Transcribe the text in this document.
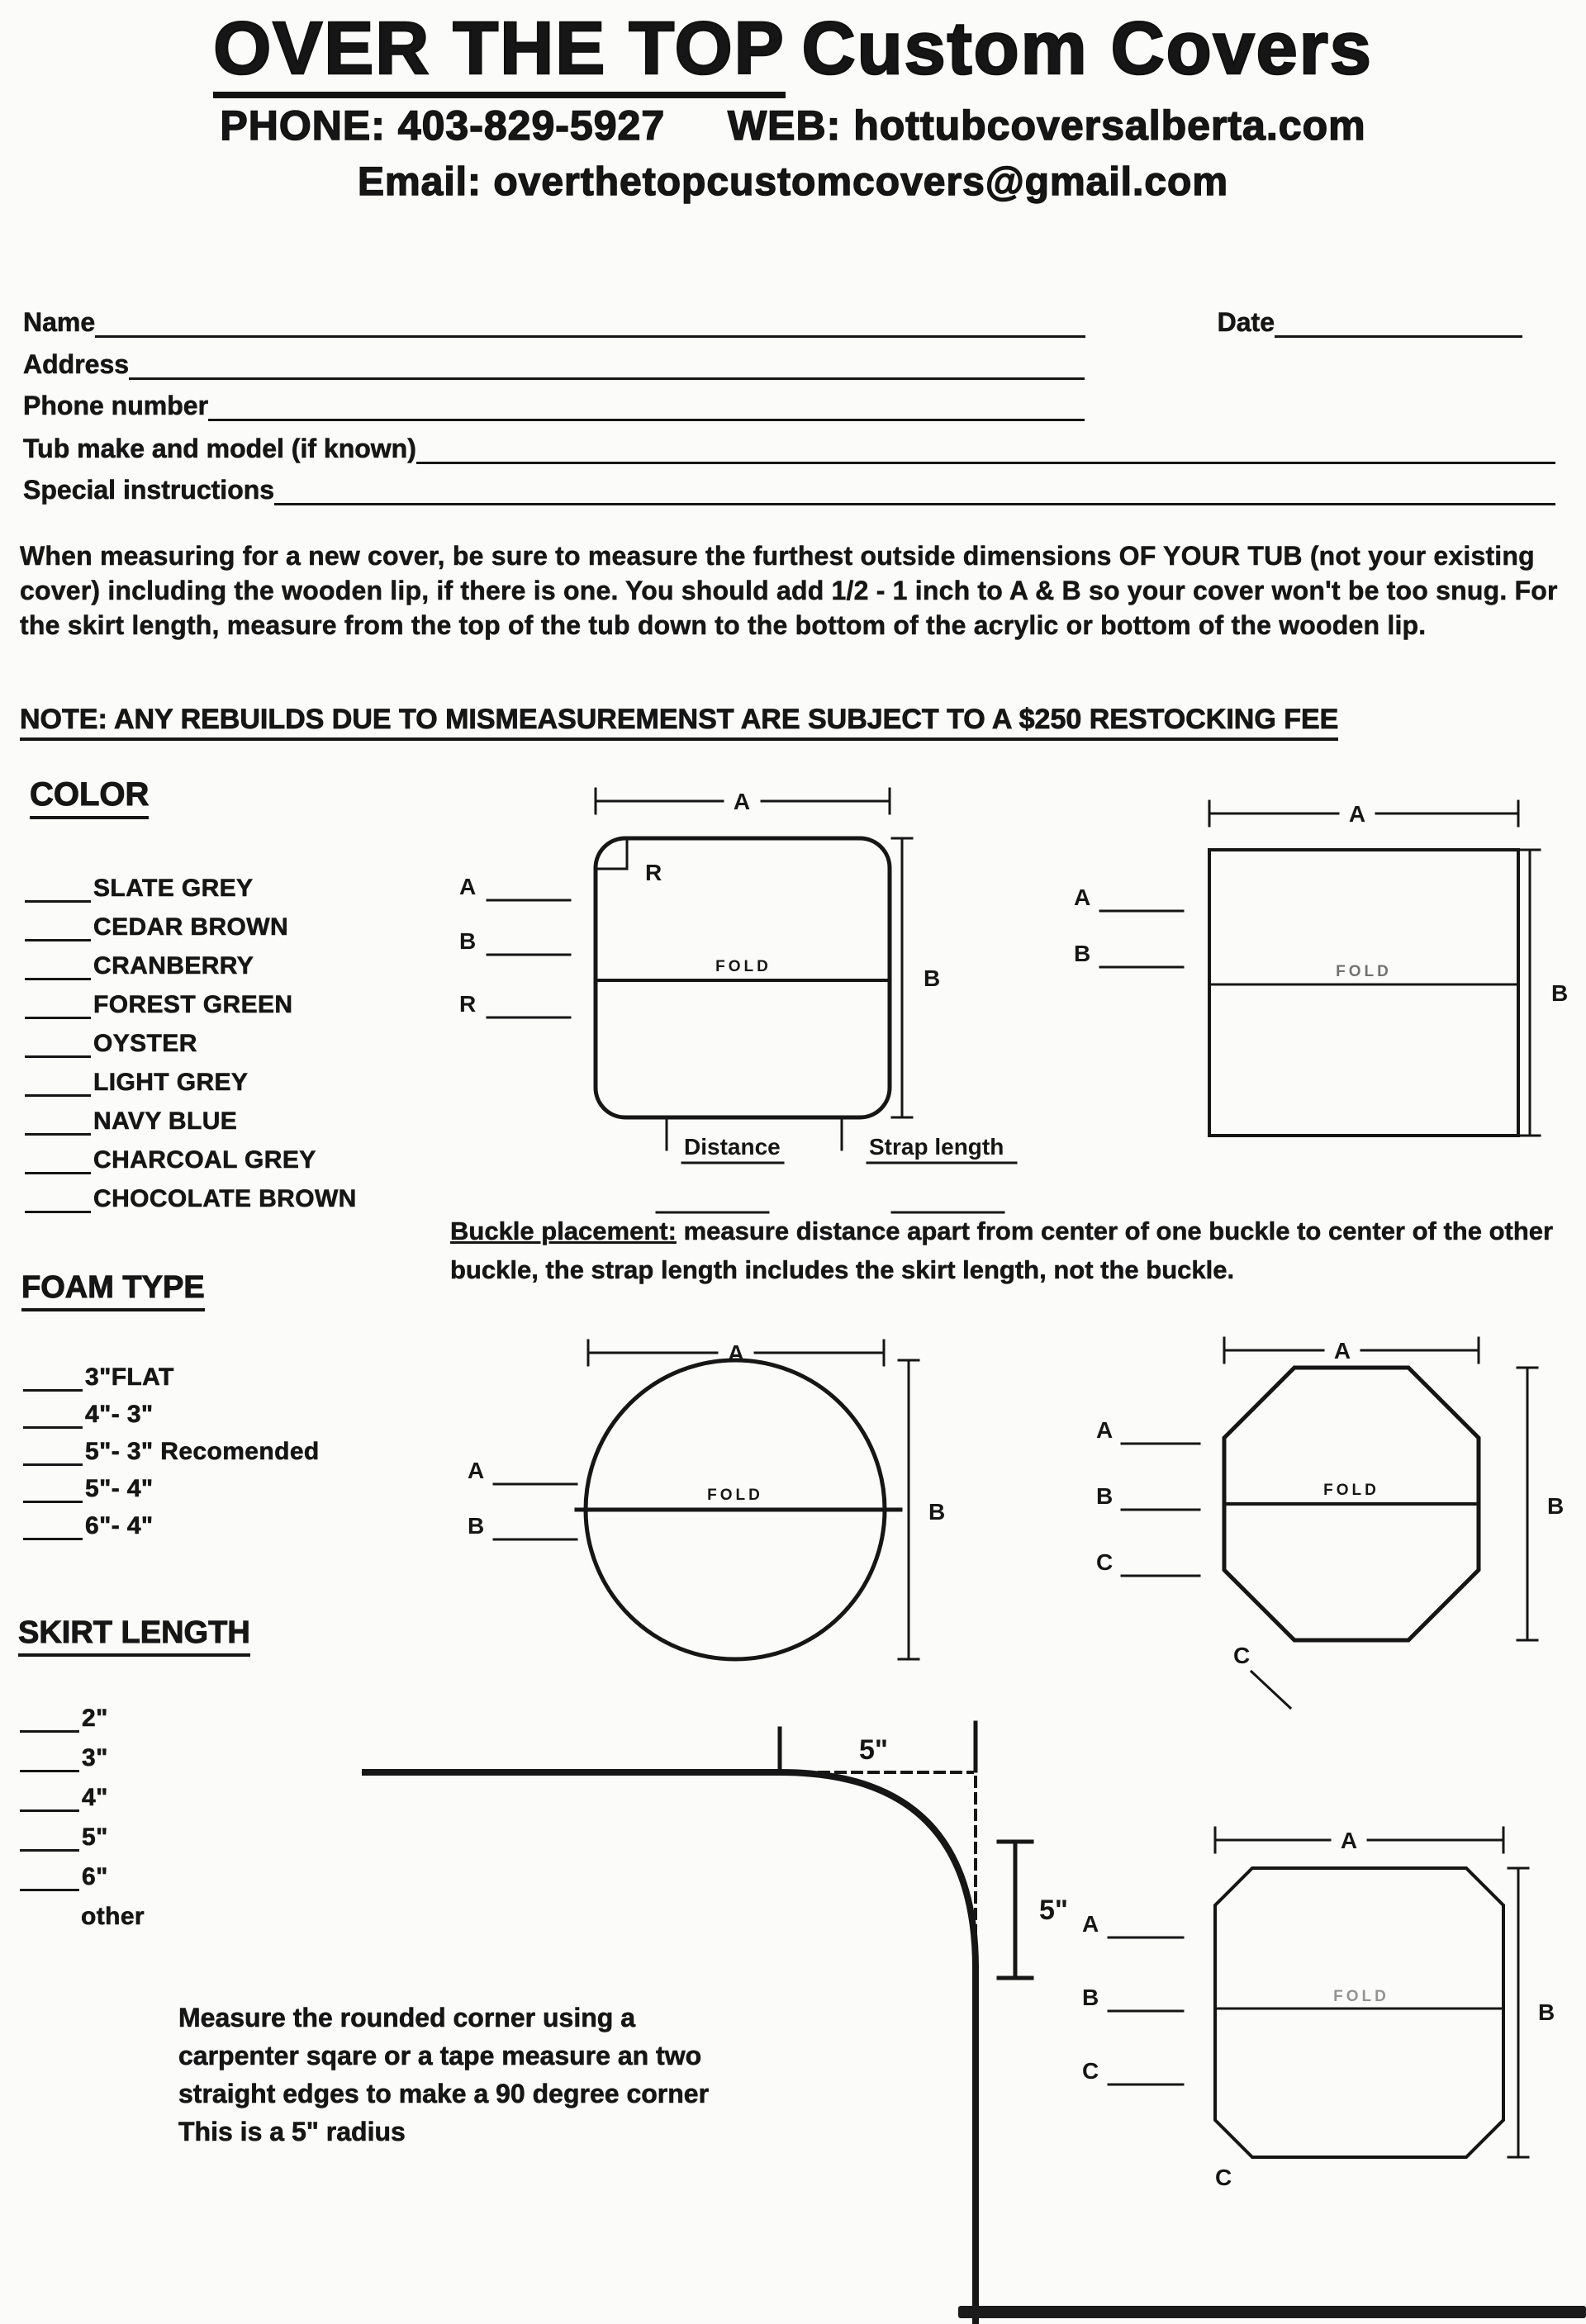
OVER THE TOP Custom Covers
PHONE: 403-829-5927 WEB: hottubcoversalberta.com
Email: overthetopcustomcovers@gmail.com
Name	Date
Address
Phone number
Tub make and model (if known)
Special instructions

When measuring for a new cover, be sure to measure the furthest outside dimensions OF YOUR TUB (not your existing cover) including the wooden lip, if there is one. You should add 1/2 - 1 inch to A & B so your cover won't be too snug. For the skirt length, measure from the top of the tub down to the bottom of the acrylic or bottom of the wooden lip.

NOTE: ANY REBUILDS DUE TO MISMEASUREMENST ARE SUBJECT TO A $250 RESTOCKING FEE
COLOR
SLATE GREY
CEDAR BROWN
CRANBERRY
FOREST GREEN
OYSTER
LIGHT GREY
NAVY BLUE
CHARCOAL GREY
CHOCOLATE BROWN
A
B
R
A
R
FOLD	B
Distance	Strap length
A
B
A
FOLD
B

Buckle placement: measure distance apart from center of one buckle to center of the other buckle, the strap length includes the skirt length, not the buckle.

FOAM TYPE
3"FLAT
4"- 3"
5"- 3" Recomended
5"- 4"
6"- 4"
A
B
A
FOLD
B
A
B
C
A
FOLD
B
C
SKIRT LENGTH
2"
3"
4"
5"
6"
other
5"
5"
Measure the rounded corner using a
carpenter sqare or a tape measure an two
straight edges to make a 90 degree corner
This is a 5" radius
A
B
C
A
FOLD
B
C
